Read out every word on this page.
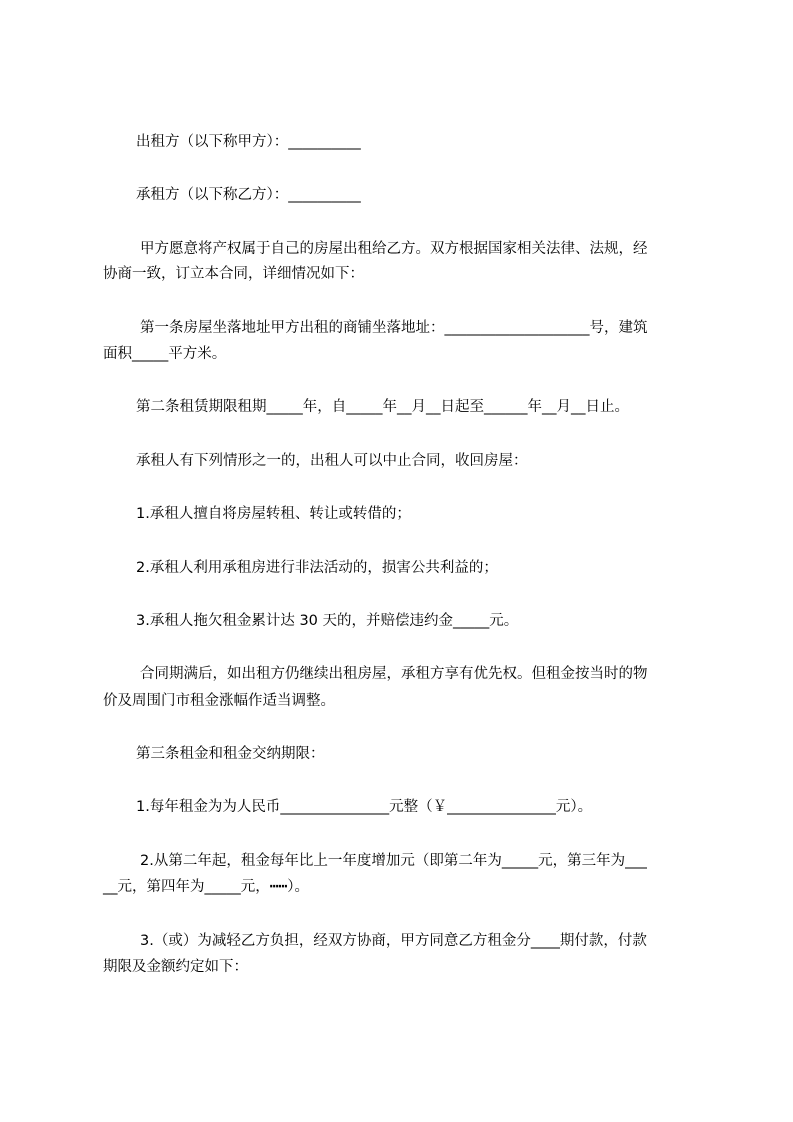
出租方（以下称甲方）：__________

承租方（以下称乙方）：__________

甲方愿意将产权属于自己的房屋出租给乙方。双方根据国家相关法律、法规，经

协商一致，订立本合同，详细情况如下：

第一条房屋坐落地址甲方出租的商铺坐落地址：____________________号，建筑

面积_____平方米。

第二条租赁期限租期_____年，自_____年__月__日起至______年__月__日止。

承租人有下列情形之一的，出租人可以中止合同，收回房屋：

1.承租人擅自将房屋转租、转让或转借的；

2.承租人利用承租房进行非法活动的，损害公共利益的；

3.承租人拖欠租金累计达 30 天的，并赔偿违约金_____元。

合同期满后，如出租方仍继续出租房屋，承租方享有优先权。但租金按当时的物

价及周围门市租金涨幅作适当调整。

第三条租金和租金交纳期限：

1.每年租金为为人民币_______________元整（￥_______________元）。

2.从第二年起，租金每年比上一年度增加元（即第二年为_____元，第三年为___

__元，第四年为_____元，┅┅）。

3.（或）为减轻乙方负担，经双方协商，甲方同意乙方租金分____期付款，付款

期限及金额约定如下：
